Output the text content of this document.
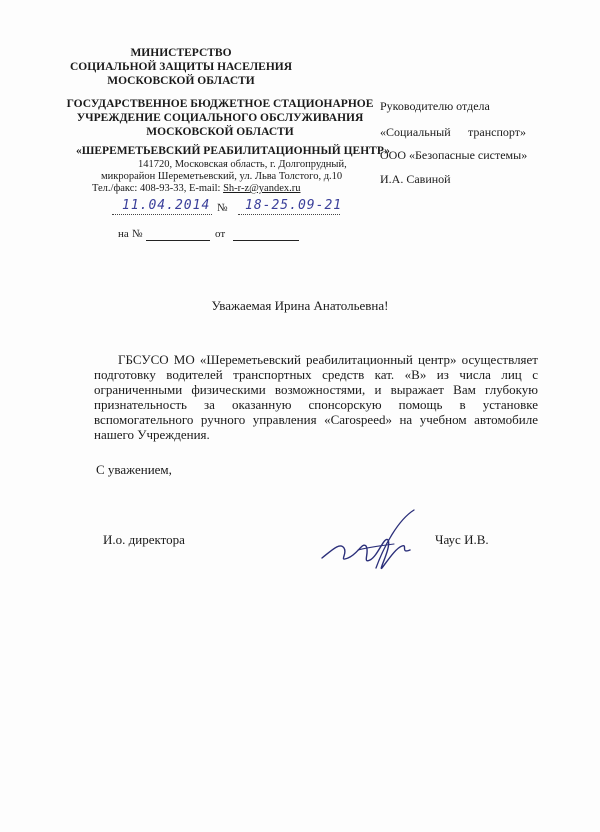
МИНИСТЕРСТВО
СОЦИАЛЬНОЙ ЗАЩИТЫ НАСЕЛЕНИЯ
МОСКОВСКОЙ ОБЛАСТИ
ГОСУДАРСТВЕННОЕ БЮДЖЕТНОЕ СТАЦИОНАРНОЕ
УЧРЕЖДЕНИЕ СОЦИАЛЬНОГО ОБСЛУЖИВАНИЯ
МОСКОВСКОЙ ОБЛАСТИ
«ШЕРЕМЕТЬЕВСКИЙ РЕАБИЛИТАЦИОННЫЙ ЦЕНТР»
141720, Московская область, г. Долгопрудный,
микрорайон Шереметьевский, ул. Льва Толстого, д.10
Тел./факс: 408-93-33, E-mail: Sh-r-z@yandex.ru
11.04.2014 № 18-25.09-21
на №	от
Руководителю отдела
«Социальный транспорт»
ООО «Безопасные системы»
И.А. Савиной
Уважаемая Ирина Анатольевна!
ГБСУСО МО «Шереметьевский реабилитационный центр» осуществляет подготовку водителей транспортных средств кат. «В» из числа лиц с ограниченными физическими возможностями, и выражает Вам глубокую признательность за оказанную спонсорскую помощь в установке вспомогательного ручного управления «Carospeed» на учебном автомобиле нашего Учреждения.
С уважением,
И.о. директора	Чаус И.В.
